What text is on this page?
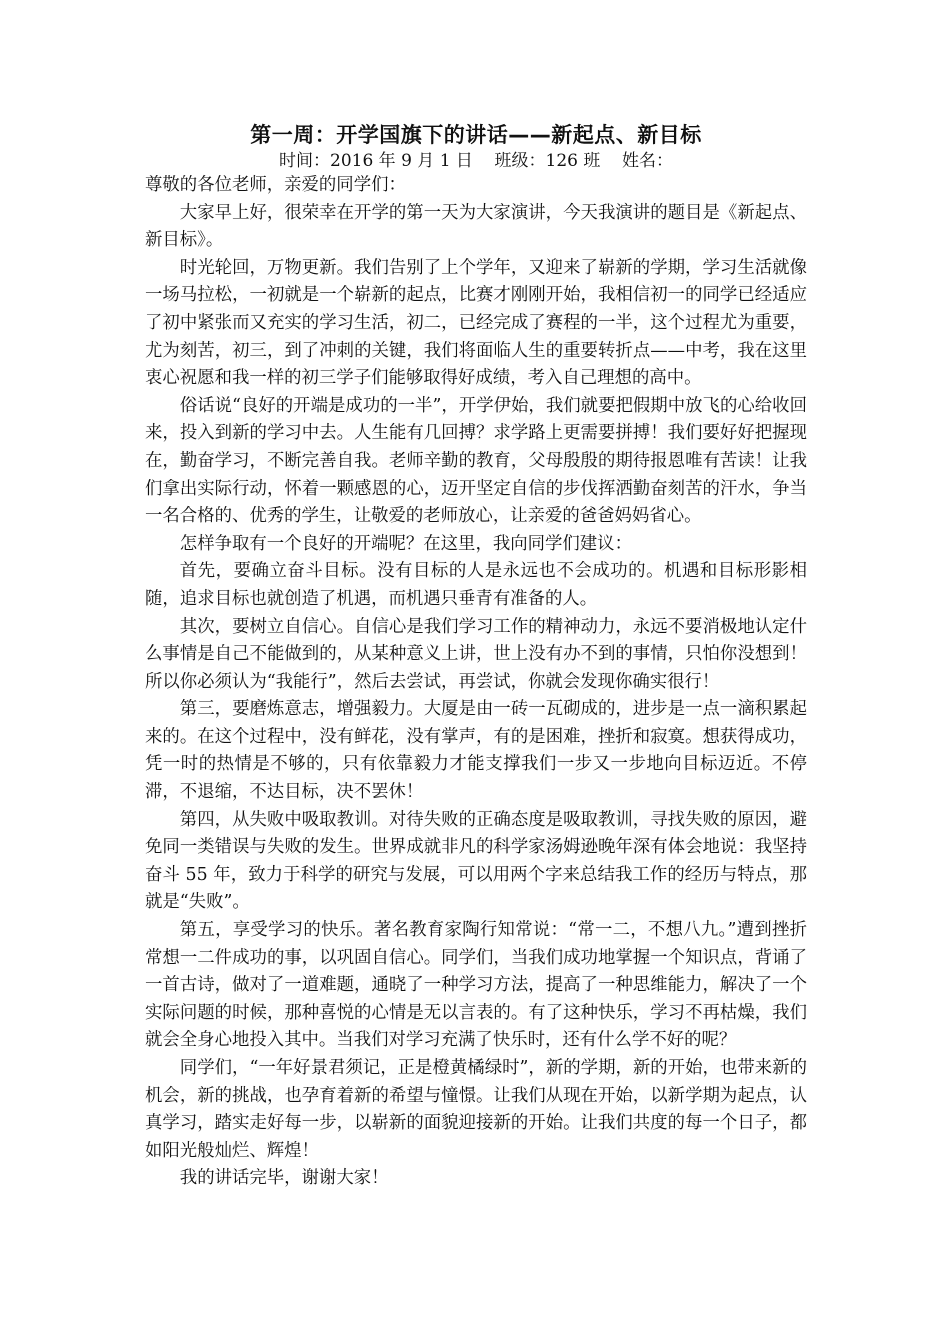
第一周：开学国旗下的讲话——新起点、新目标

时间：2016 年 9 月 1 日    班级：126 班    姓名：

尊敬的各位老师，亲爱的同学们：

大家早上好，很荣幸在开学的第一天为大家演讲，今天我演讲的题目是《新起点、新目标》。

时光轮回，万物更新。我们告别了上个学年，又迎来了崭新的学期，学习生活就像一场马拉松，一初就是一个崭新的起点，比赛才刚刚开始，我相信初一的同学已经适应了初中紧张而又充实的学习生活，初二，已经完成了赛程的一半，这个过程尤为重要，尤为刻苦，初三，到了冲刺的关键，我们将面临人生的重要转折点——中考，我在这里衷心祝愿和我一样的初三学子们能够取得好成绩，考入自己理想的高中。

俗话说“良好的开端是成功的一半”，开学伊始，我们就要把假期中放飞的心给收回来，投入到新的学习中去。人生能有几回搏？求学路上更需要拼搏！我们要好好把握现在，勤奋学习，不断完善自我。老师辛勤的教育，父母殷殷的期待报恩唯有苦读！让我们拿出实际行动，怀着一颗感恩的心，迈开坚定自信的步伐挥洒勤奋刻苦的汗水，争当一名合格的、优秀的学生，让敬爱的老师放心，让亲爱的爸爸妈妈省心。

怎样争取有一个良好的开端呢？在这里，我向同学们建议：

首先，要确立奋斗目标。没有目标的人是永远也不会成功的。机遇和目标形影相随，追求目标也就创造了机遇，而机遇只垂青有准备的人。

其次，要树立自信心。自信心是我们学习工作的精神动力，永远不要消极地认定什么事情是自己不能做到的，从某种意义上讲，世上没有办不到的事情，只怕你没想到！所以你必须认为“我能行”，然后去尝试，再尝试，你就会发现你确实很行！

第三，要磨炼意志，增强毅力。大厦是由一砖一瓦砌成的，进步是一点一滴积累起来的。在这个过程中，没有鲜花，没有掌声，有的是困难，挫折和寂寞。想获得成功，凭一时的热情是不够的，只有依靠毅力才能支撑我们一步又一步地向目标迈近。不停滞，不退缩，不达目标，决不罢休！

第四，从失败中吸取教训。对待失败的正确态度是吸取教训，寻找失败的原因，避免同一类错误与失败的发生。世界成就非凡的科学家汤姆逊晚年深有体会地说：我坚持奋斗 55 年，致力于科学的研究与发展，可以用两个字来总结我工作的经历与特点，那就是“失败”。

第五，享受学习的快乐。著名教育家陶行知常说：“常一二，不想八九。”遭到挫折常想一二件成功的事，以巩固自信心。同学们，当我们成功地掌握一个知识点，背诵了一首古诗，做对了一道难题，通晓了一种学习方法，提高了一种思维能力，解决了一个实际问题的时候，那种喜悦的心情是无以言表的。有了这种快乐，学习不再枯燥，我们就会全身心地投入其中。当我们对学习充满了快乐时，还有什么学不好的呢？

同学们，“一年好景君须记，正是橙黄橘绿时”，新的学期，新的开始，也带来新的机会，新的挑战，也孕育着新的希望与憧憬。让我们从现在开始，以新学期为起点，认真学习，踏实走好每一步，以崭新的面貌迎接新的开始。让我们共度的每一个日子，都如阳光般灿烂、辉煌！

我的讲话完毕，谢谢大家！
